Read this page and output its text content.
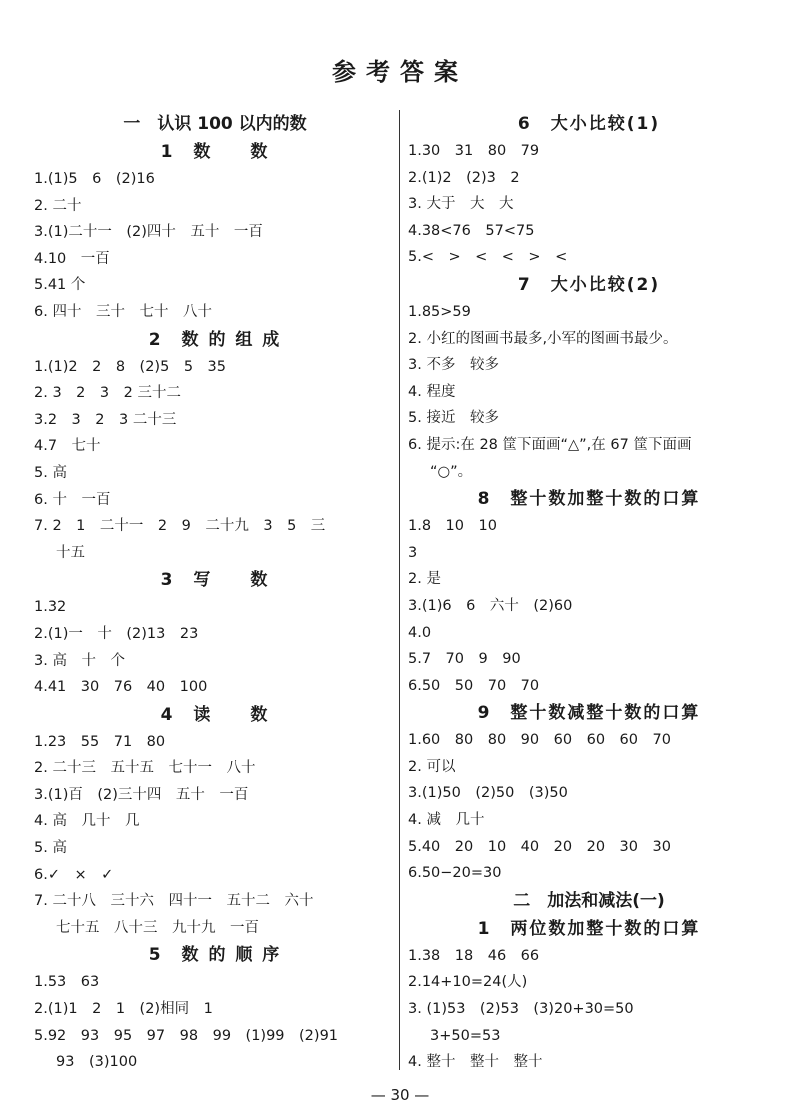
参考答案
一　认识 100 以内的数
1　数　　数
1.(1)5　6　(2)16
2. 二十
3.(1)二十一　(2)四十　五十　一百
4.10　一百
5.41 个
6. 四十　三十　七十　八十
2　数 的 组 成
1.(1)2　2　8　(2)5　5　35
2. 3　2　3　2 三十二
3.2　3　2　3 二十三
4.7　七十
5. 高
6. 十　一百
7. 2　1　二十一　2　9　二十九　3　5　三
十五
3　写　　数
1.32
2.(1)一　十　(2)13　23
3. 高　十　个
4.41　30　76　40　100
4　读　　数
1.23　55　71　80
2. 二十三　五十五　七十一　八十
3.(1)百　(2)三十四　五十　一百
4. 高　几十　几
5. 高
6.✓　×　✓
7. 二十八　三十六　四十一　五十二　六十
七十五　八十三　九十九　一百
5　数 的 顺 序
1.53　63
2.(1)1　2　1　(2)相同　1
5.92　93　95　97　98　99　(1)99　(2)91
93　(3)100
6　大小比较(1)
1.30　31　80　79
2.(1)2　(2)3　2
3. 大于　大　大
4.38<76　57<75
5.<　>　<　<　>　<
7　大小比较(2)
1.85>59
2. 小红的图画书最多,小军的图画书最少。
3. 不多　较多
4. 程度
5. 接近　较多
6. 提示:在 28 筐下面画“△”,在 67 筐下面画
“○”。
8　整十数加整十数的口算
1.8　10　10
3
2. 是
3.(1)6　6　六十　(2)60
4.0
5.7　70　9　90
6.50　50　70　70
9　整十数减整十数的口算
1.60　80　80　90　60　60　60　70
2. 可以
3.(1)50　(2)50　(3)50
4. 减　几十
5.40　20　10　40　20　20　30　30
6.50−20=30
二　加法和减法(一)
1　两位数加整十数的口算
1.38　18　46　66
2.14+10=24(人)
3. (1)53　(2)53　(3)20+30=50
3+50=53
4. 整十　整十　整十
— 30 —
